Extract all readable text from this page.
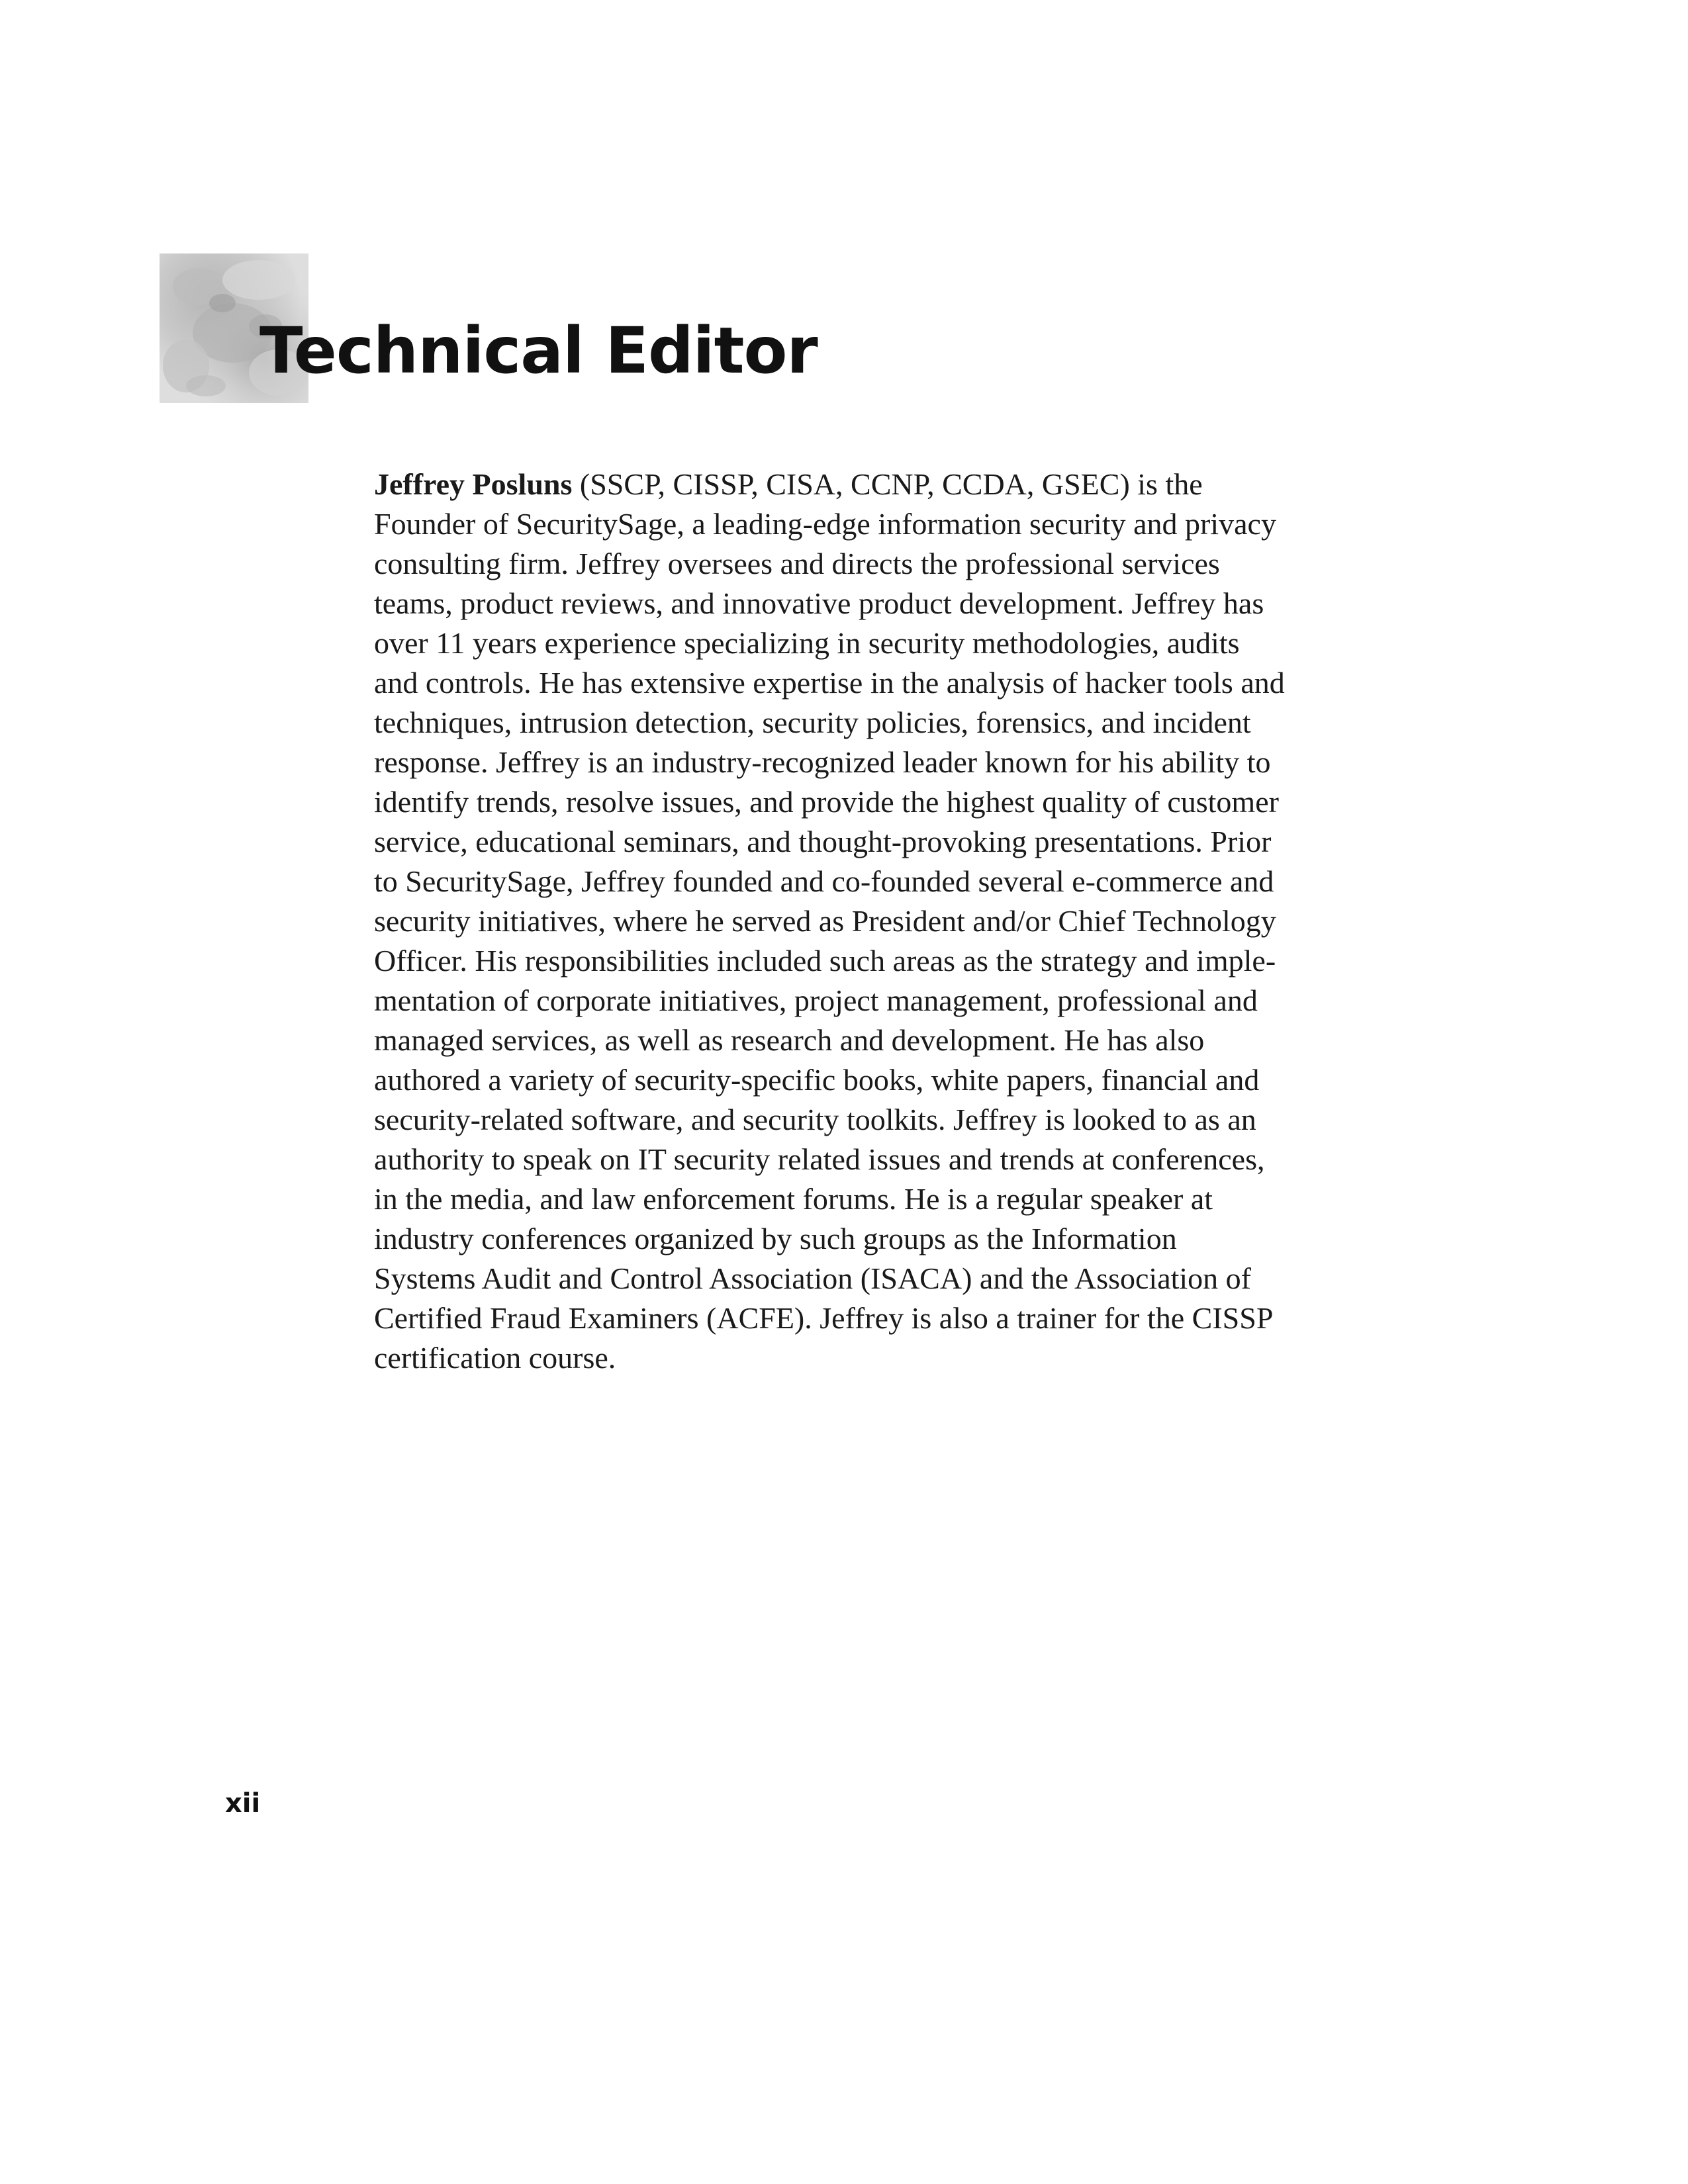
Technical Editor

Jeffrey Posluns (SSCP, CISSP, CISA, CCNP, CCDA, GSEC) is the
Founder of SecuritySage, a leading-edge information security and privacy
consulting firm. Jeffrey oversees and directs the professional services
teams, product reviews, and innovative product development. Jeffrey has
over 11 years experience specializing in security methodologies, audits
and controls. He has extensive expertise in the analysis of hacker tools and
techniques, intrusion detection, security policies, forensics, and incident
response. Jeffrey is an industry-recognized leader known for his ability to
identify trends, resolve issues, and provide the highest quality of customer
service, educational seminars, and thought-provoking presentations. Prior
to SecuritySage, Jeffrey founded and co-founded several e-commerce and
security initiatives, where he served as President and/or Chief Technology
Officer. His responsibilities included such areas as the strategy and imple-
mentation of corporate initiatives, project management, professional and
managed services, as well as research and development. He has also
authored a variety of security-specific books, white papers, financial and
security-related software, and security toolkits. Jeffrey is looked to as an
authority to speak on IT security related issues and trends at conferences,
in the media, and law enforcement forums. He is a regular speaker at
industry conferences organized by such groups as the Information
Systems Audit and Control Association (ISACA) and the Association of
Certified Fraud Examiners (ACFE). Jeffrey is also a trainer for the CISSP
certification course.

xii
